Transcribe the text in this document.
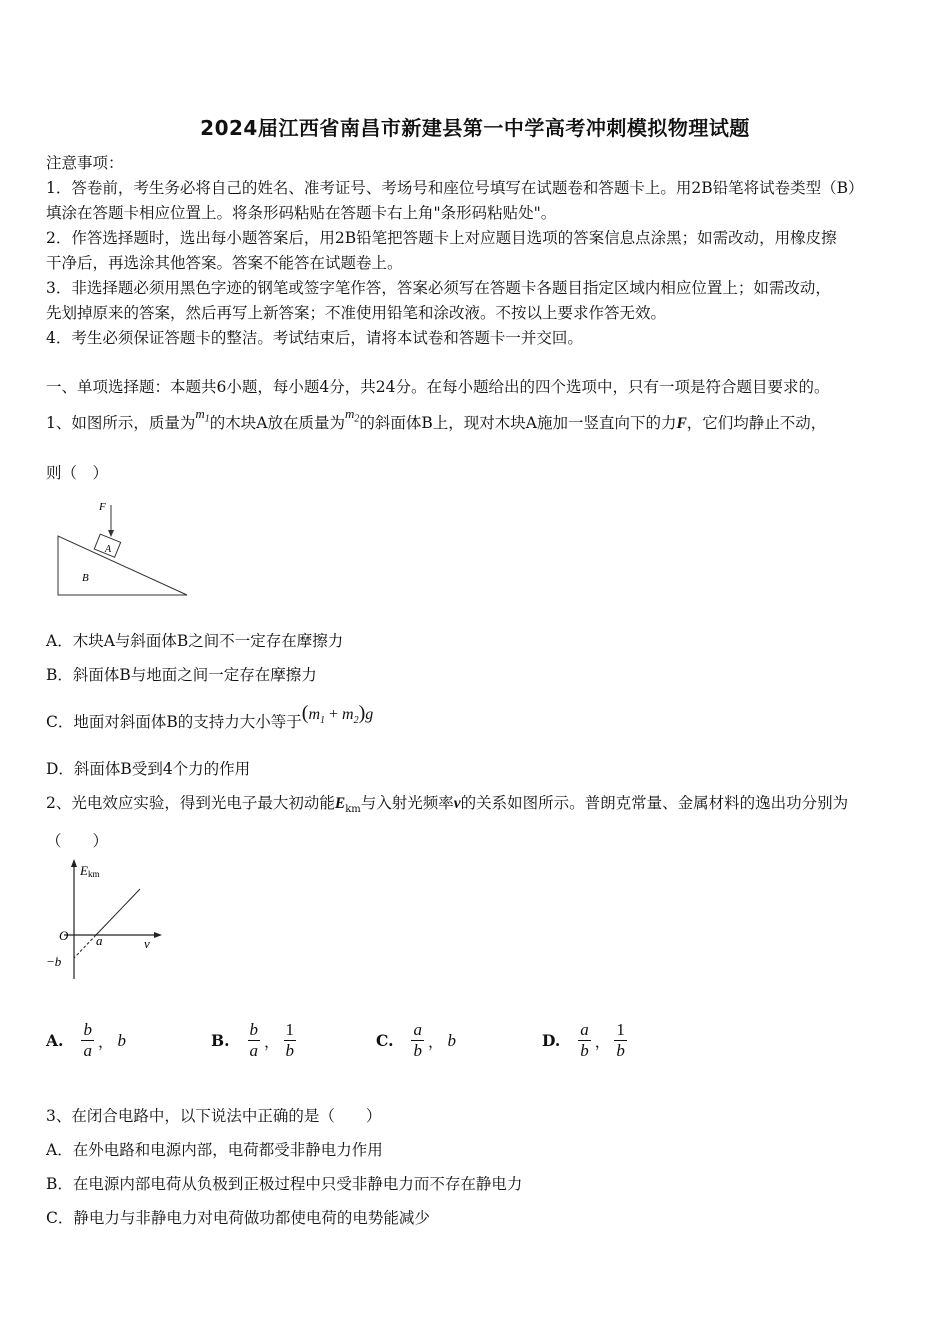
2024届江西省南昌市新建县第一中学高考冲刺模拟物理试题
注意事项：
1．答卷前，考生务必将自己的姓名、准考证号、考场号和座位号填写在试题卷和答题卡上。用2B铅笔将试卷类型（B）
填涂在答题卡相应位置上。将条形码粘贴在答题卡右上角"条形码粘贴处"。
2．作答选择题时，选出每小题答案后，用2B铅笔把答题卡上对应题目选项的答案信息点涂黑；如需改动，用橡皮擦
干净后，再选涂其他答案。答案不能答在试题卷上。
3．非选择题必须用黑色字迹的钢笔或签字笔作答，答案必须写在答题卡各题目指定区域内相应位置上；如需改动，
先划掉原来的答案，然后再写上新答案；不准使用铅笔和涂改液。不按以上要求作答无效。
4．考生必须保证答题卡的整洁。考试结束后，请将本试卷和答题卡一并交回。
一、单项选择题：本题共6小题，每小题4分，共24分。在每小题给出的四个选项中，只有一项是符合题目要求的。
1、如图所示，质量为$^{m_1}$的木块A放在质量为$^{m_2}$的斜面体B上，现对木块A施加一竖直向下的力F，它们均静止不动，
则（　）
F
A
B
A．木块A与斜面体B之间不一定存在摩擦力
B．斜面体B与地面之间一定存在摩擦力
C．地面对斜面体B的支持力大小等于$(m_1 + m_2)g$
D．斜面体B受到4个力的作用
2、光电效应实验，得到光电子最大初动能$E_{km}$与入射光频率ν的关系如图所示。普朗克常量、金属材料的逸出功分别为
（　　）
Ekm
O
ν
a
−b
A. $\frac{b}{a}$ ， b	B. $\frac{b}{a}$ ， $\frac{1}{b}$	C. $\frac{a}{b}$ ， b	D. $\frac{a}{b}$ ， $\frac{1}{b}$
3、在闭合电路中，以下说法中正确的是（　　）
A．在外电路和电源内部，电荷都受非静电力作用
B．在电源内部电荷从负极到正极过程中只受非静电力而不存在静电力
C．静电力与非静电力对电荷做功都使电荷的电势能减少
